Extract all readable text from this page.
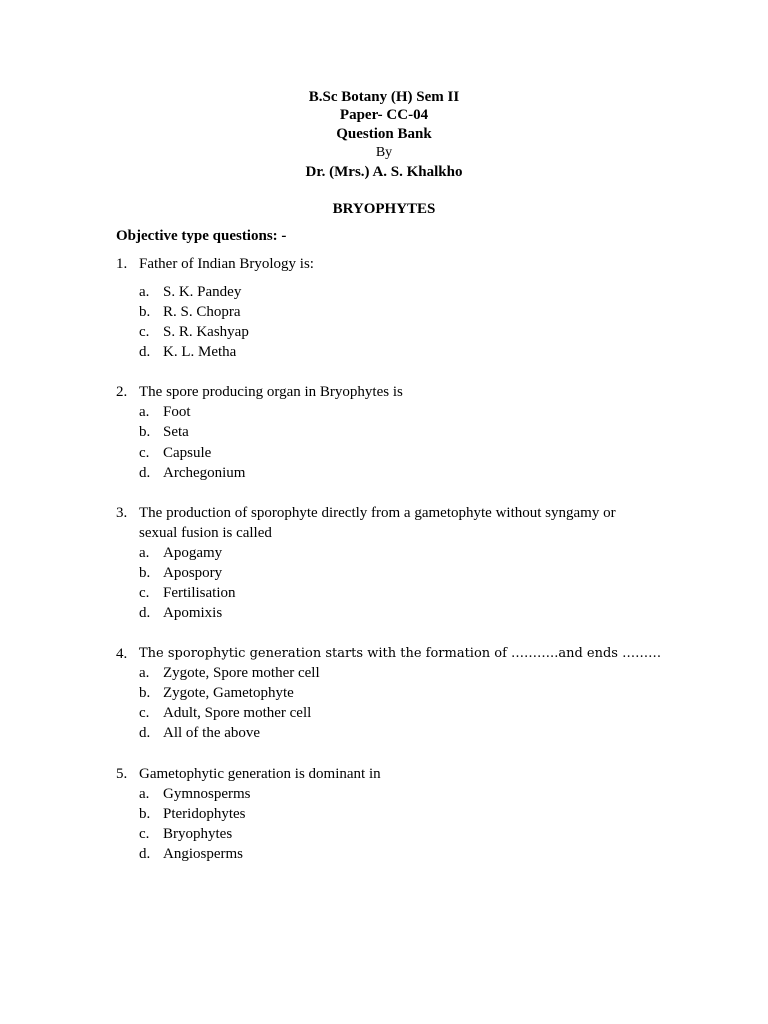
B.Sc Botany (H) Sem II
Paper- CC-04
Question Bank
By
Dr. (Mrs.) A. S. Khalkho
BRYOPHYTES
Objective type questions: -
1. Father of Indian Bryology is:
a. S. K. Pandey
b. R. S. Chopra
c. S. R. Kashyap
d. K. L. Metha
2. The spore producing organ in Bryophytes is
a. Foot
b. Seta
c. Capsule
d. Archegonium
3. The production of sporophyte directly from a gametophyte without syngamy or
sexual fusion is called
a. Apogamy
b. Apospory
c. Fertilisation
d. Apomixis
4. The sporophytic generation starts with the formation of ………..and ends ………
a. Zygote, Spore mother cell
b. Zygote, Gametophyte
c. Adult, Spore mother cell
d. All of the above
5. Gametophytic generation is dominant in
a. Gymnosperms
b. Pteridophytes
c. Bryophytes
d. Angiosperms
